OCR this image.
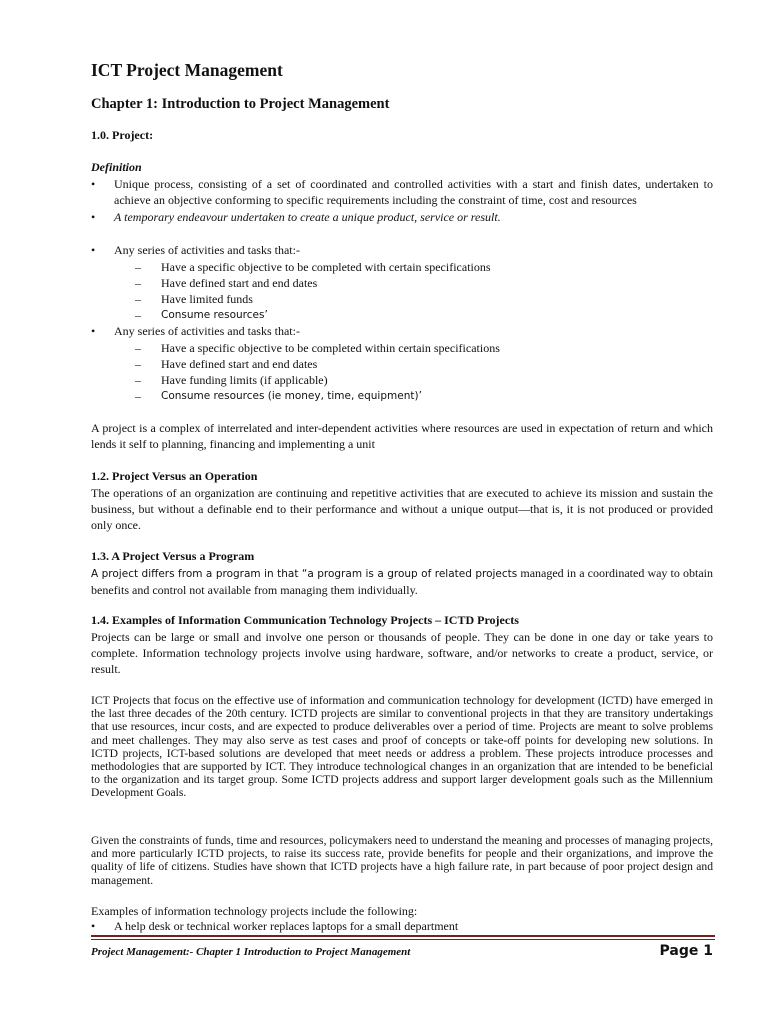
ICT Project Management
Chapter 1: Introduction to Project Management
1.0. Project:
Definition
•	Unique process, consisting of a set of coordinated and controlled activities with a start and finish dates, undertaken to achieve an objective conforming to specific requirements including the constraint of time, cost and resources
•	A temporary endeavour undertaken to create a unique product, service or result.
•	Any series of activities and tasks that:-
– Have a specific objective to be completed with certain specifications
– Have defined start and end dates
– Have limited funds
– Consume resources’
•	Any series of activities and tasks that:-
– Have a specific objective to be completed within certain specifications
– Have defined start and end dates
– Have funding limits (if applicable)
– Consume resources (ie money, time, equipment)’

A project is a complex of interrelated and inter-dependent activities where resources are used in expectation of return and which lends it self to planning, financing and implementing a unit

1.2. Project Versus an Operation

The operations of an organization are continuing and repetitive activities that are executed to achieve its mission and sustain the business, but without a definable end to their performance and without a unique output—that is, it is not produced or provided only once.

1.3. A Project Versus a Program

A project differs from a program in that “a program is a group of related projects managed in a coordinated way to obtain benefits and control not available from managing them individually.

1.4. Examples of Information Communication Technology Projects – ICTD Projects

Projects can be large or small and involve one person or thousands of people. They can be done in one day or take years to complete. Information technology projects involve using hardware, software, and/or networks to create a product, service, or result.

ICT Projects that focus on the effective use of information and communication technology for development (ICTD) have emerged in the last three decades of the 20th century. ICTD projects are similar to conventional projects in that they are transitory undertakings that use resources, incur costs, and are expected to produce deliverables over a period of time. Projects are meant to solve problems and meet challenges. They may also serve as test cases and proof of concepts or take-off points for developing new solutions. In ICTD projects, ICT-based solutions are developed that meet needs or address a problem. These projects introduce processes and methodologies that are supported by ICT. They introduce technological changes in an organization that are intended to be beneficial to the organization and its target group. Some ICTD projects address and support larger development goals such as the Millennium Development Goals.

Given the constraints of funds, time and resources, policymakers need to understand the meaning and processes of managing projects, and more particularly ICTD projects, to raise its success rate, provide benefits for people and their organizations, and improve the quality of life of citizens. Studies have shown that ICTD projects have a high failure rate, in part because of poor project design and management.

Examples of information technology projects include the following:
•	A help desk or technical worker replaces laptops for a small department
Project Management:- Chapter 1 Introduction to Project Management	Page 1
